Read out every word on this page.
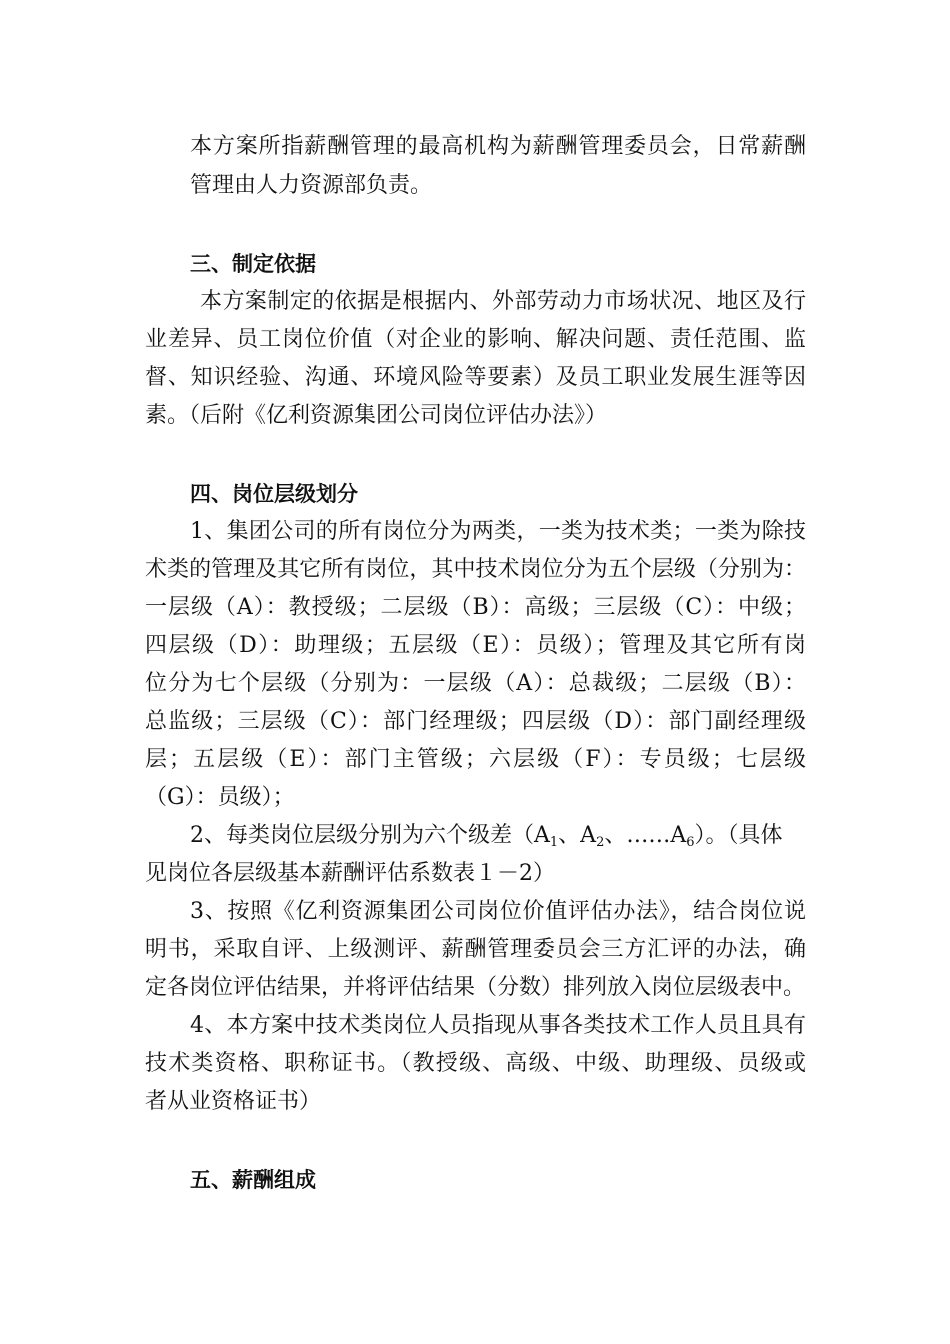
本方案所指薪酬管理的最高机构为薪酬管理委员会，日常薪酬
管理由人力资源部负责。
三、制定依据
本方案制定的依据是根据内、外部劳动力市场状况、地区及行
业差异、员工岗位价值（对企业的影响、解决问题、责任范围、监
督、知识经验、沟通、环境风险等要素）及员工职业发展生涯等因
素。（后附《亿利资源集团公司岗位评估办法》）
四、岗位层级划分
1、集团公司的所有岗位分为两类，一类为技术类；一类为除技
术类的管理及其它所有岗位，其中技术岗位分为五个层级（分别为：
一层级（A）：教授级；二层级（B）：高级；三层级（C）：中级；
四层级（D）：助理级；五层级（E）：员级）；管理及其它所有岗
位分为七个层级（分别为：一层级（A）：总裁级；二层级（B）：
总监级；三层级（C）：部门经理级；四层级（D）：部门副经理级
层；五层级（E）：部门主管级；六层级（F）：专员级；七层级
（G）：员级）；
2、每类岗位层级分别为六个级差（$A_1$、$A_2$、$\dots\dots A_6$）。（具体
见岗位各层级基本薪酬评估系数表１－2）
3、按照《亿利资源集团公司岗位价值评估办法》，结合岗位说
明书，采取自评、上级测评、薪酬管理委员会三方汇评的办法，确
定各岗位评估结果，并将评估结果（分数）排列放入岗位层级表中。
4、本方案中技术类岗位人员指现从事各类技术工作人员且具有
技术类资格、职称证书。（教授级、高级、中级、助理级、员级或
者从业资格证书）
五、薪酬组成
